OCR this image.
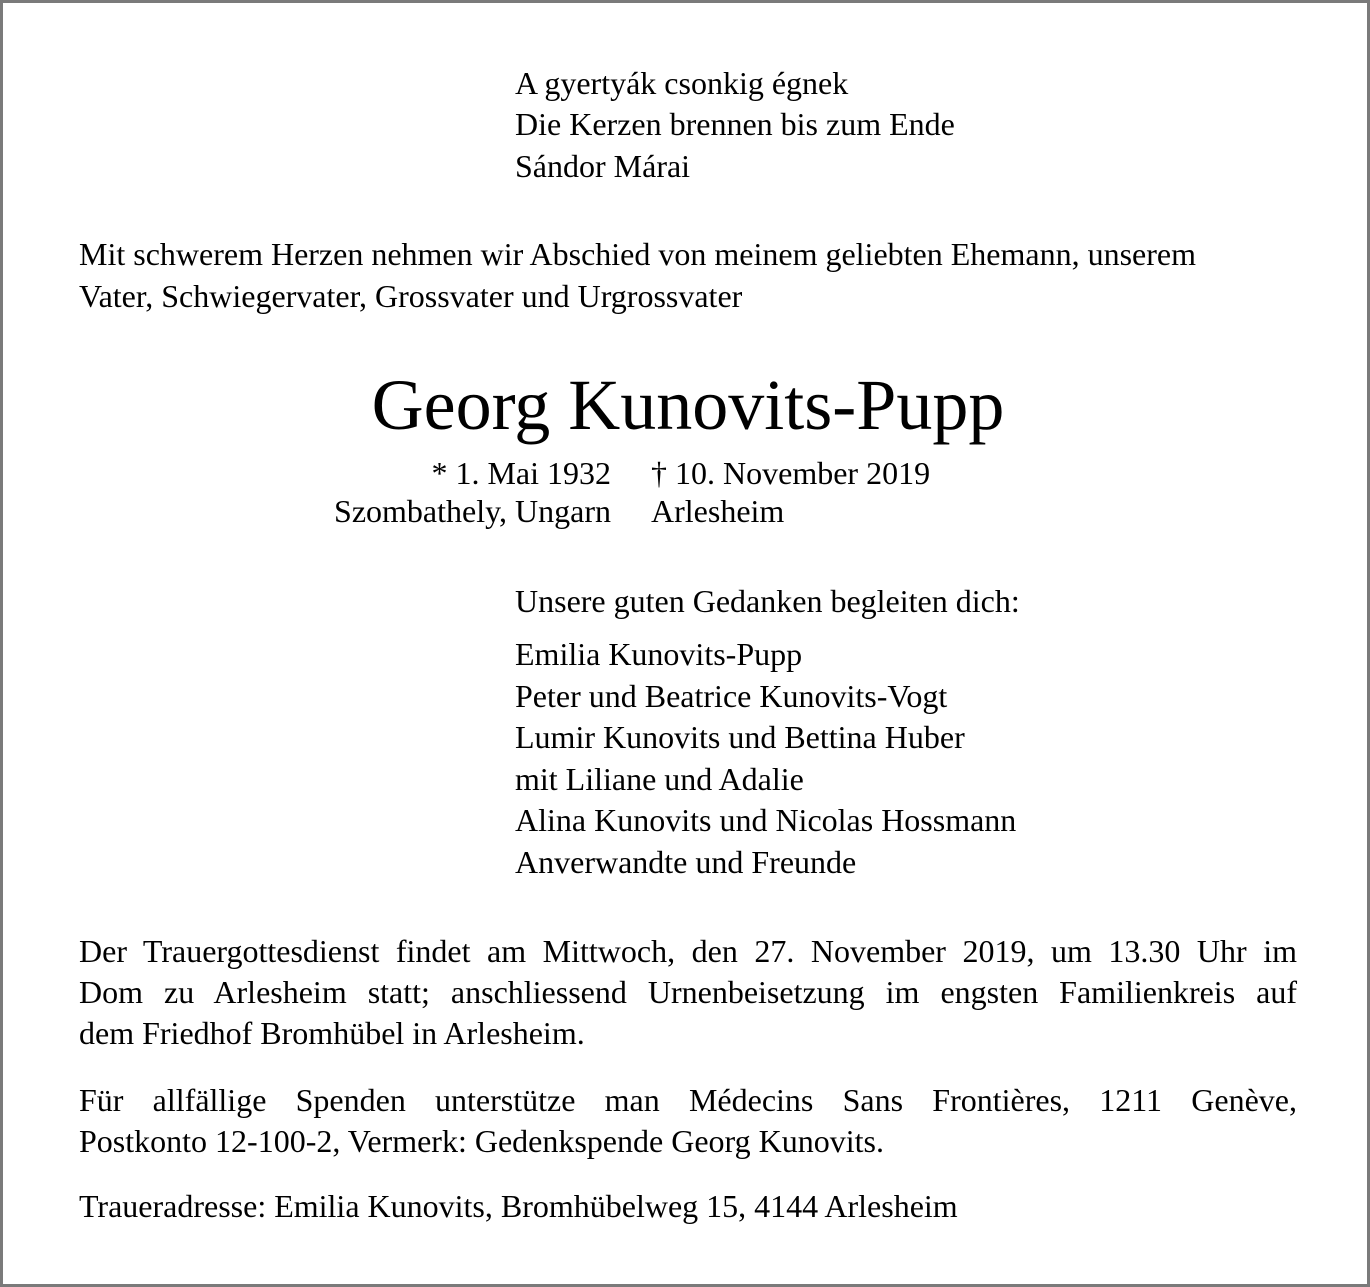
A gyertyák csonkig égnek
Die Kerzen brennen bis zum Ende
Sándor Márai
Mit schwerem Herzen nehmen wir Abschied von meinem geliebten Ehemann, unserem
Vater, Schwiegervater, Grossvater und Urgrossvater
Georg Kunovits-Pupp
* 1. Mai 1932 † 10. November 2019
Szombathely, Ungarn Arlesheim
Unsere guten Gedanken begleiten dich:
Emilia Kunovits-Pupp
Peter und Beatrice Kunovits-Vogt
Lumir Kunovits und Bettina Huber
mit Liliane und Adalie
Alina Kunovits und Nicolas Hossmann
Anverwandte und Freunde
Der Trauergottesdienst findet am Mittwoch, den 27. November 2019, um 13.30 Uhr im
Dom zu Arlesheim statt; anschliessend Urnenbeisetzung im engsten Familienkreis auf
dem Friedhof Bromhübel in Arlesheim.
Für allfällige Spenden unterstütze man Médecins Sans Frontières, 1211 Genève,
Postkonto 12-100-2, Vermerk: Gedenkspende Georg Kunovits.
Traueradresse: Emilia Kunovits, Bromhübelweg 15, 4144 Arlesheim
